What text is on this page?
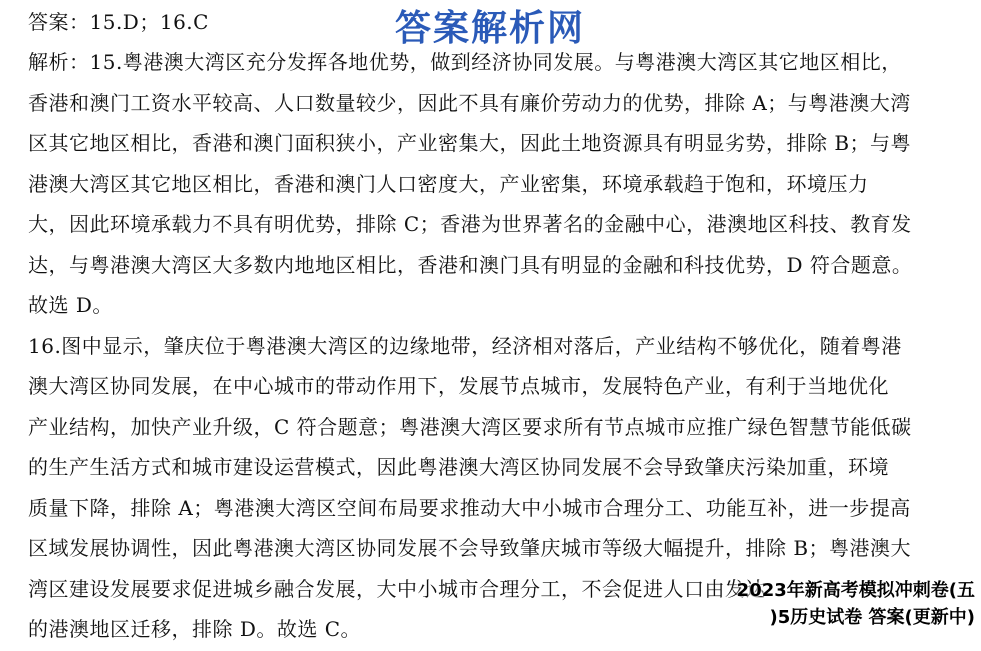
答案解析网
答案：15.D；16.C
解析：15.粤港澳大湾区充分发挥各地优势，做到经济协同发展。与粤港澳大湾区其它地区相比，
香港和澳门工资水平较高、人口数量较少，因此不具有廉价劳动力的优势，排除 A；与粤港澳大湾
区其它地区相比，香港和澳门面积狭小，产业密集大，因此土地资源具有明显劣势，排除 B；与粤
港澳大湾区其它地区相比，香港和澳门人口密度大，产业密集，环境承载趋于饱和，环境压力
大，因此环境承载力不具有明优势，排除 C；香港为世界著名的金融中心，港澳地区科技、教育发
达，与粤港澳大湾区大多数内地地区相比，香港和澳门具有明显的金融和科技优势，D 符合题意。
故选 D。
16.图中显示，肇庆位于粤港澳大湾区的边缘地带，经济相对落后，产业结构不够优化，随着粤港
澳大湾区协同发展，在中心城市的带动作用下，发展节点城市，发展特色产业，有利于当地优化
产业结构，加快产业升级，C 符合题意；粤港澳大湾区要求所有节点城市应推广绿色智慧节能低碳
的生产生活方式和城市建设运营模式，因此粤港澳大湾区协同发展不会导致肇庆污染加重，环境
质量下降，排除 A；粤港澳大湾区空间布局要求推动大中小城市合理分工、功能互补，进一步提高
区域发展协调性，因此粤港澳大湾区协同发展不会导致肇庆城市等级大幅提升，排除 B；粤港澳大
湾区建设发展要求促进城乡融合发展，大中小城市合理分工，不会促进人口由发达
的港澳地区迁移，排除 D。故选 C。
2023年新高考模拟冲刺卷(五
)5历史试卷 答案(更新中)
